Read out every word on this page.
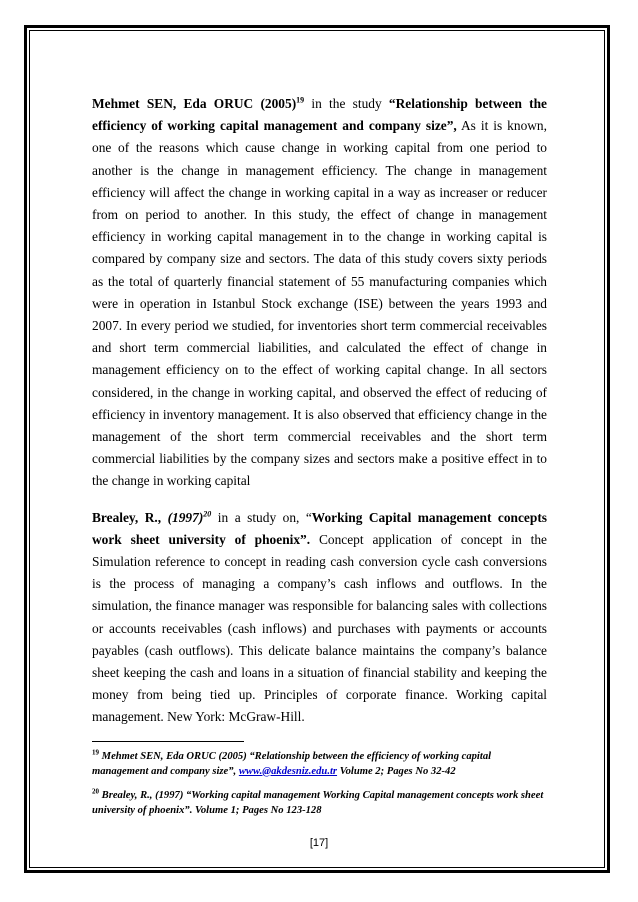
Mehmet SEN, Eda ORUC $(2005)^{19}$ in the study “Relationship between the efficiency of working capital management and company size”, As it is known, one of the reasons which cause change in working capital from one period to another is the change in management efficiency. The change in management efficiency will affect the change in working capital in a way as increaser or reducer from on period to another. In this study, the effect of change in management efficiency in working capital management in to the change in working capital is compared by company size and sectors. The data of this study covers sixty periods as the total of quarterly financial statement of 55 manufacturing companies which were in operation in Istanbul Stock exchange (ISE) between the years 1993 and 2007. In every period we studied, for inventories short term commercial receivables and short term commercial liabilities, and calculated the effect of change in management efficiency on to the effect of working capital change. In all sectors considered, in the change in working capital, and observed the effect of reducing of efficiency in inventory management. It is also observed that efficiency change in the management of the short term commercial receivables and the short term commercial liabilities by the company sizes and sectors make a positive effect in to the change in working capital

Brealey, R., $(1997)^{20}$ in a study on, “Working Capital management concepts work sheet university of phoenix”. Concept application of concept in the Simulation reference to concept in reading cash conversion cycle cash conversions is the process of managing a company’s cash inflows and outflows. In the simulation, the finance manager was responsible for balancing sales with collections or accounts receivables (cash inflows) and purchases with payments or accounts payables (cash outflows). This delicate balance maintains the company’s balance sheet keeping the cash and loans in a situation of financial stability and keeping the money from being tied up. Principles of corporate finance. Working capital management. New York: McGraw-Hill.

$^{19}$ Mehmet SEN, Eda ORUC (2005) “Relationship between the efficiency of working capital management and company size”, www.@akdesniz.edu.tr Volume 2; Pages No 32-42

$^{20}$ Brealey, R., (1997) “Working capital management Working Capital management concepts work sheet university of phoenix”. Volume 1; Pages No 123-128

[17]
